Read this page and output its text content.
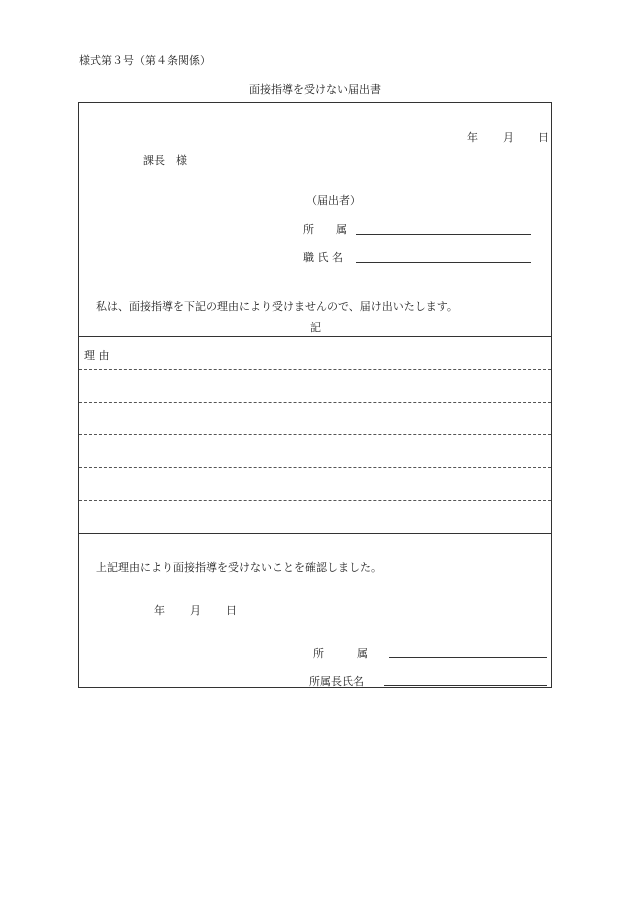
様式第３号（第４条関係）
面接指導を受けない届出書
年 月 日
課長　様
（届出者）
所　　属
職 氏 名
私は、面接指導を下記の理由により受けませんので、届け出いたします。
記
理 由
上記理由により面接指導を受けないことを確認しました。
年 月 日
所　　　属
所属長氏名
